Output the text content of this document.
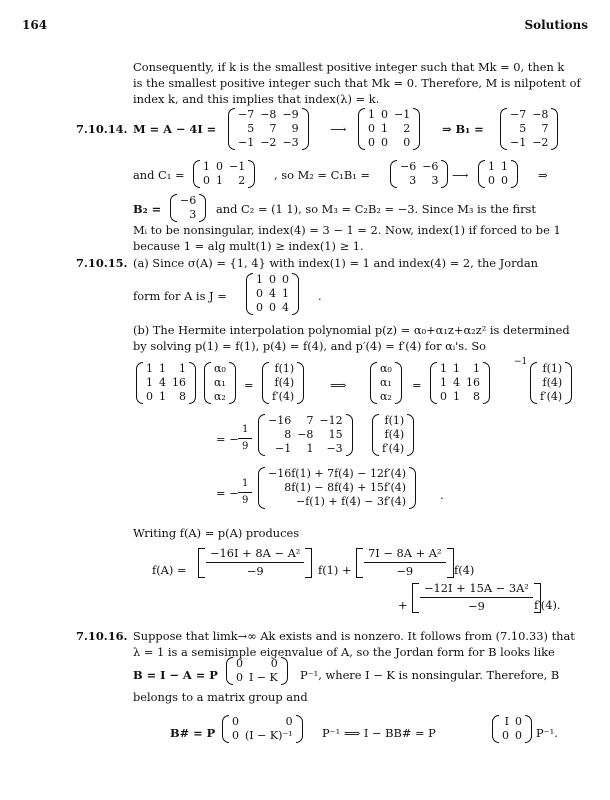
164	Solutions
Consequently, if k is the smallest positive integer such that Mk = 0, then k
is the smallest positive integer such that Mk = 0. Therefore, M is nilpotent of
index k, and this implies that index(λ) = k.
7.10.14. M = A − 4I =
−7	−8	−9
5	7	9
−1	−2	−3
⟶
1	0	−1
0	1	2
0	0	0
⇒ B₁ =
−7	−8
5	7
−1	−2
and C₁ =
1	0	−1
0	1	2	, so M₂ = C₁B₁ =
−6	−6
3	3 ⟶
1	1
0	0	⇒
B₂ =
−6
3 and C₂ = (1 1), so M₃ = C₂B₂ = −3. Since M₃ is the first
Mᵢ to be nonsingular, index(4) = 3 − 1 = 2. Now, index(1) if forced to be 1
because 1 = alg mult(1) ≥ index(1) ≥ 1.
7.10.15. (a) Since σ(A) = {1, 4} with index(1) = 1 and index(4) = 2, the Jordan
form for A is J =
1	0	0
0	4	1
0	0	4
.
(b) The Hermite interpolation polynomial p(z) = α₀+α₁z+α₂z² is determined
by solving p(1) = f(1), p(4) = f(4), and p′(4) = f′(4) for αᵢ's. So
1	1	1
1	4	16
0	1	8
α₀
α₁
α₂
=
f(1)
f(4)
f′(4)
⟹
α₀
α₁
α₂
=
1	1	1
1	4	16
0	1	8
−1 f(1)
f(4)
f′(4)
= − $\frac{1}{9}$
−16	7	−12
8	−8	15
−1	1	−3
f(1)
f(4)
f′(4)
= − $\frac{1}{9}$
−16f(1) + 7f(4) − 12f′(4)
8f(1) − 8f(4) + 15f′(4)
−f(1) + f(4) − 3f′(4)	.
Writing f(A) = p(A) produces
f(A) =
−16I + 8A − A²
−9	f(1) +
7I − 8A + A²
−9	f(4)
+
−12I + 15A − 3A²
−9	f′(4).
7.10.16. Suppose that limk→∞ Ak exists and is nonzero. It follows from (7.10.33) that
λ = 1 is a semisimple eigenvalue of A, so the Jordan form for B looks like
B = I − A = P
0	0
0	I − K P⁻¹, where I − K is nonsingular. Therefore, B
belongs to a matrix group and
B# = P
0	0
0	(I − K)⁻¹	P⁻¹ ⟹ I − BB# = P
I	0
0	0 P⁻¹.
